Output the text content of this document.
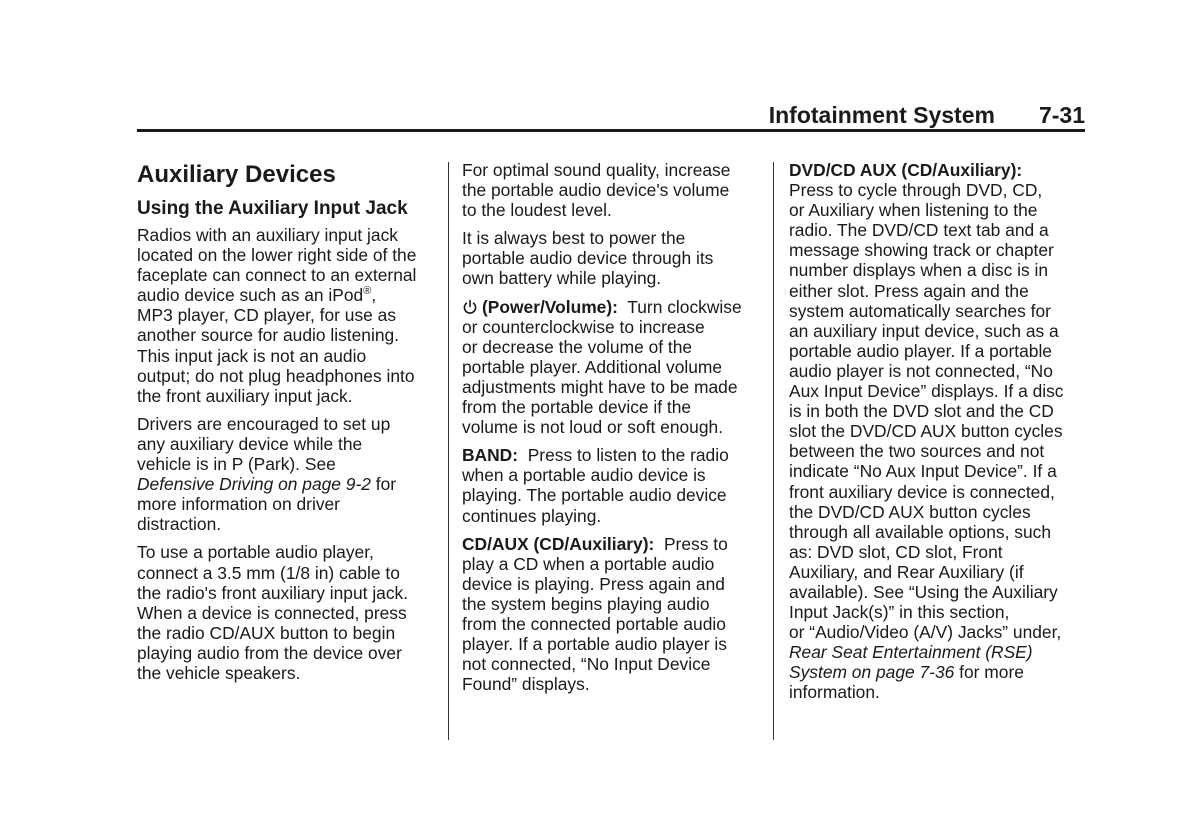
Infotainment System 7-31
Auxiliary Devices
Using the Auxiliary Input Jack

Radios with an auxiliary input jack
located on the lower right side of the
faceplate can connect to an external
audio device such as an iPod®,
MP3 player, CD player, for use as
another source for audio listening.
This input jack is not an audio
output; do not plug headphones into
the front auxiliary input jack.

Drivers are encouraged to set up
any auxiliary device while the
vehicle is in P (Park). See
Defensive Driving on page 9-2 for
more information on driver
distraction.

To use a portable audio player,
connect a 3.5 mm (1/8 in) cable to
the radio's front auxiliary input jack.
When a device is connected, press
the radio CD/AUX button to begin
playing audio from the device over
the vehicle speakers.

For optimal sound quality, increase
the portable audio device's volume
to the loudest level.

It is always best to power the
portable audio device through its
own battery while playing.

(Power/Volume):  Turn clockwise
or counterclockwise to increase
or decrease the volume of the
portable player. Additional volume
adjustments might have to be made
from the portable device if the
volume is not loud or soft enough.

BAND:  Press to listen to the radio
when a portable audio device is
playing. The portable audio device
continues playing.

CD/AUX (CD/Auxiliary):  Press to
play a CD when a portable audio
device is playing. Press again and
the system begins playing audio
from the connected portable audio
player. If a portable audio player is
not connected, “No Input Device
Found” displays.

DVD/CD AUX (CD/Auxiliary):
Press to cycle through DVD, CD,
or Auxiliary when listening to the
radio. The DVD/CD text tab and a
message showing track or chapter
number displays when a disc is in
either slot. Press again and the
system automatically searches for
an auxiliary input device, such as a
portable audio player. If a portable
audio player is not connected, “No
Aux Input Device” displays. If a disc
is in both the DVD slot and the CD
slot the DVD/CD AUX button cycles
between the two sources and not
indicate “No Aux Input Device”. If a
front auxiliary device is connected,
the DVD/CD AUX button cycles
through all available options, such
as: DVD slot, CD slot, Front
Auxiliary, and Rear Auxiliary (if
available). See “Using the Auxiliary
Input Jack(s)” in this section,
or “Audio/Video (A/V) Jacks” under,
Rear Seat Entertainment (RSE)
System on page 7-36 for more
information.
